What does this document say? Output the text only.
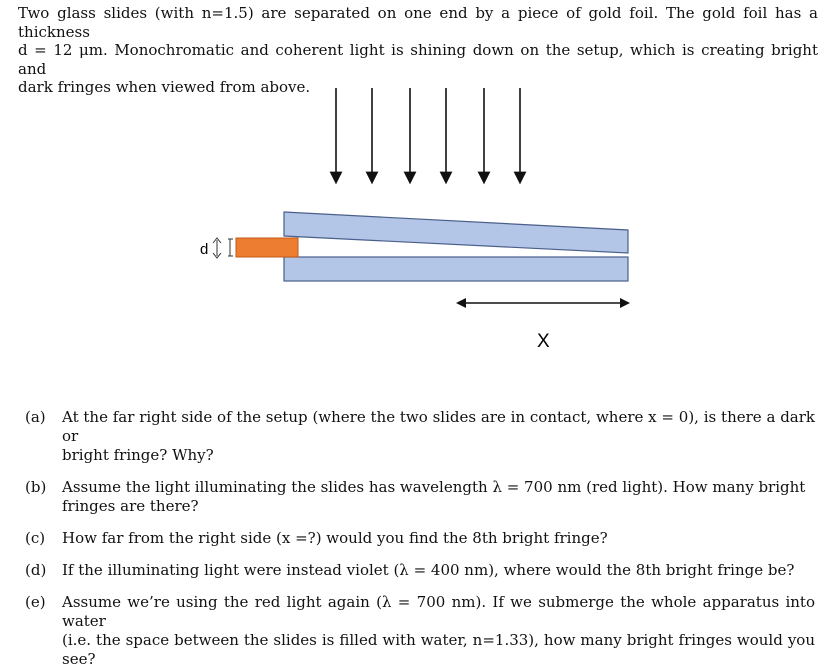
Two glass slides (with n=1.5) are separated on one end by a piece of gold foil. The gold foil has a thickness
d = 12 μm. Monochromatic and coherent light is shining down on the setup, which is creating bright and

dark fringes when viewed from above.

d
X
(a)	At the far right side of the setup (where the two slides are in contact, where x = 0), is there a dark or
bright fringe? Why?
(b)	Assume the light illuminating the slides has wavelength λ = 700 nm (red light). How many bright
fringes are there?
(c)	How far from the right side (x =?) would you find the 8th bright fringe?
(d)	If the illuminating light were instead violet (λ = 400 nm), where would the 8th bright fringe be?
(e)	Assume we’re using the red light again (λ = 700 nm). If we submerge the whole apparatus into water
(i.e. the space between the slides is filled with water, n=1.33), how many bright fringes would you see?
